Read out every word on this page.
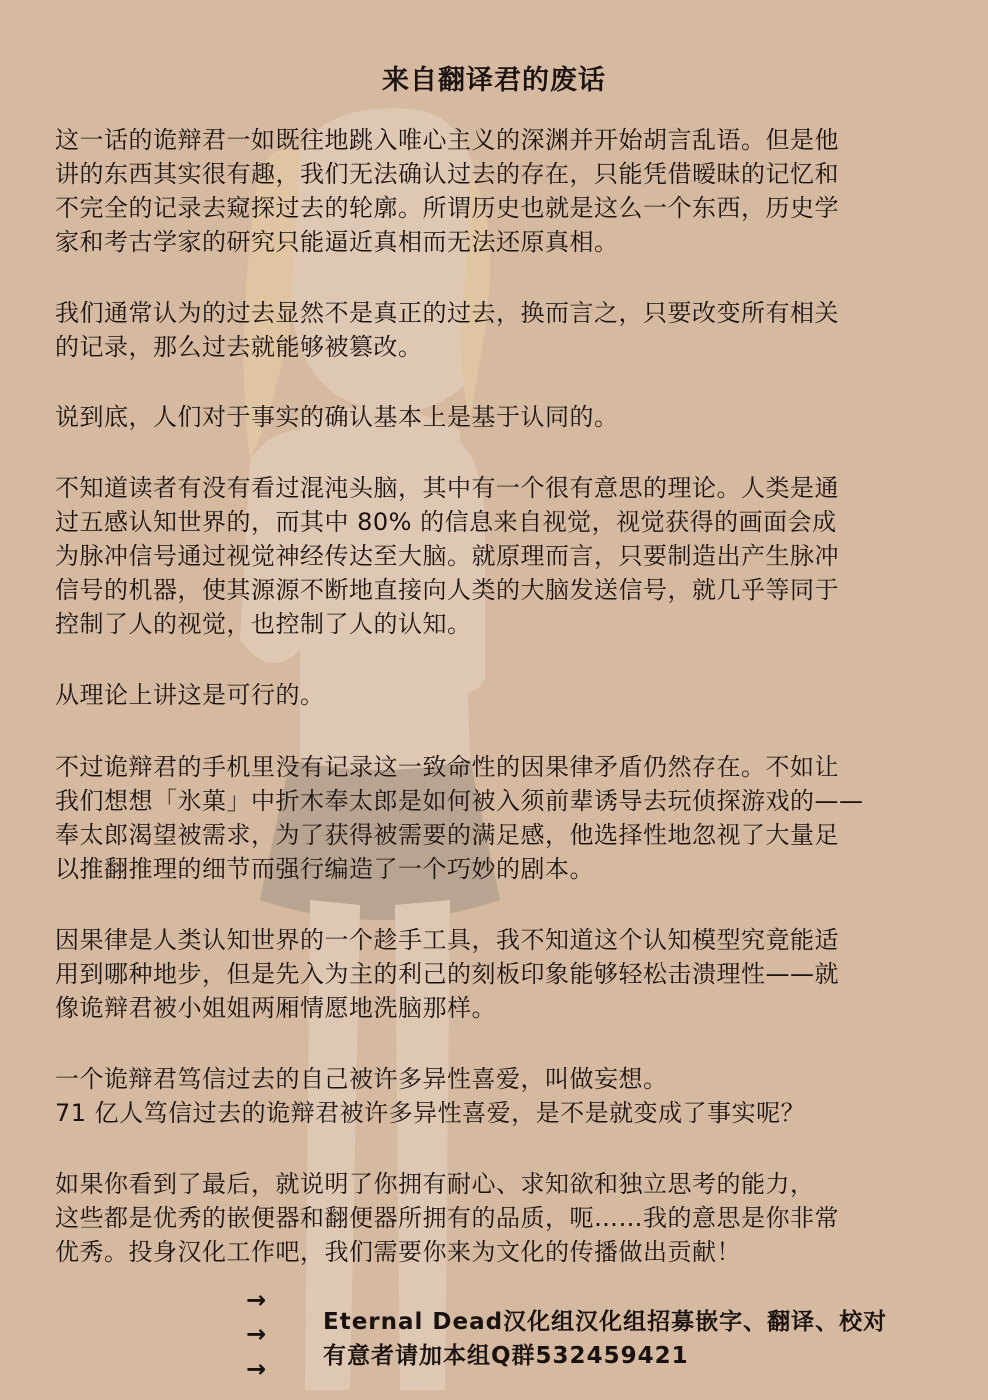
来自翻译君的废话
这一话的诡辩君一如既往地跳入唯心主义的深渊并开始胡言乱语。但是他
讲的东西其实很有趣，我们无法确认过去的存在，只能凭借暧昧的记忆和
不完全的记录去窥探过去的轮廓。所谓历史也就是这么一个东西，历史学
家和考古学家的研究只能逼近真相而无法还原真相。
我们通常认为的过去显然不是真正的过去，换而言之，只要改变所有相关
的记录，那么过去就能够被篡改。
说到底，人们对于事实的确认基本上是基于认同的。
不知道读者有没有看过混沌头脑，其中有一个很有意思的理论。人类是通
过五感认知世界的，而其中 80% 的信息来自视觉，视觉获得的画面会成
为脉冲信号通过视觉神经传达至大脑。就原理而言，只要制造出产生脉冲
信号的机器，使其源源不断地直接向人类的大脑发送信号，就几乎等同于
控制了人的视觉，也控制了人的认知。
从理论上讲这是可行的。
不过诡辩君的手机里没有记录这一致命性的因果律矛盾仍然存在。不如让
我们想想「氷菓」中折木奉太郎是如何被入须前辈诱导去玩侦探游戏的——
奉太郎渴望被需求，为了获得被需要的满足感，他选择性地忽视了大量足
以推翻推理的细节而强行编造了一个巧妙的剧本。
因果律是人类认知世界的一个趁手工具，我不知道这个认知模型究竟能适
用到哪种地步，但是先入为主的利己的刻板印象能够轻松击溃理性——就
像诡辩君被小姐姐两厢情愿地洗脑那样。
一个诡辩君笃信过去的自己被许多异性喜爱，叫做妄想。
71 亿人笃信过去的诡辩君被许多异性喜爱，是不是就变成了事实呢？
如果你看到了最后，就说明了你拥有耐心、求知欲和独立思考的能力，
这些都是优秀的嵌便器和翻便器所拥有的品质，呃……我的意思是你非常
优秀。投身汉化工作吧，我们需要你来为文化的传播做出贡献！
→
→
→
Eternal Dead汉化组汉化组招募嵌字、翻译、校对
有意者请加本组Q群532459421
